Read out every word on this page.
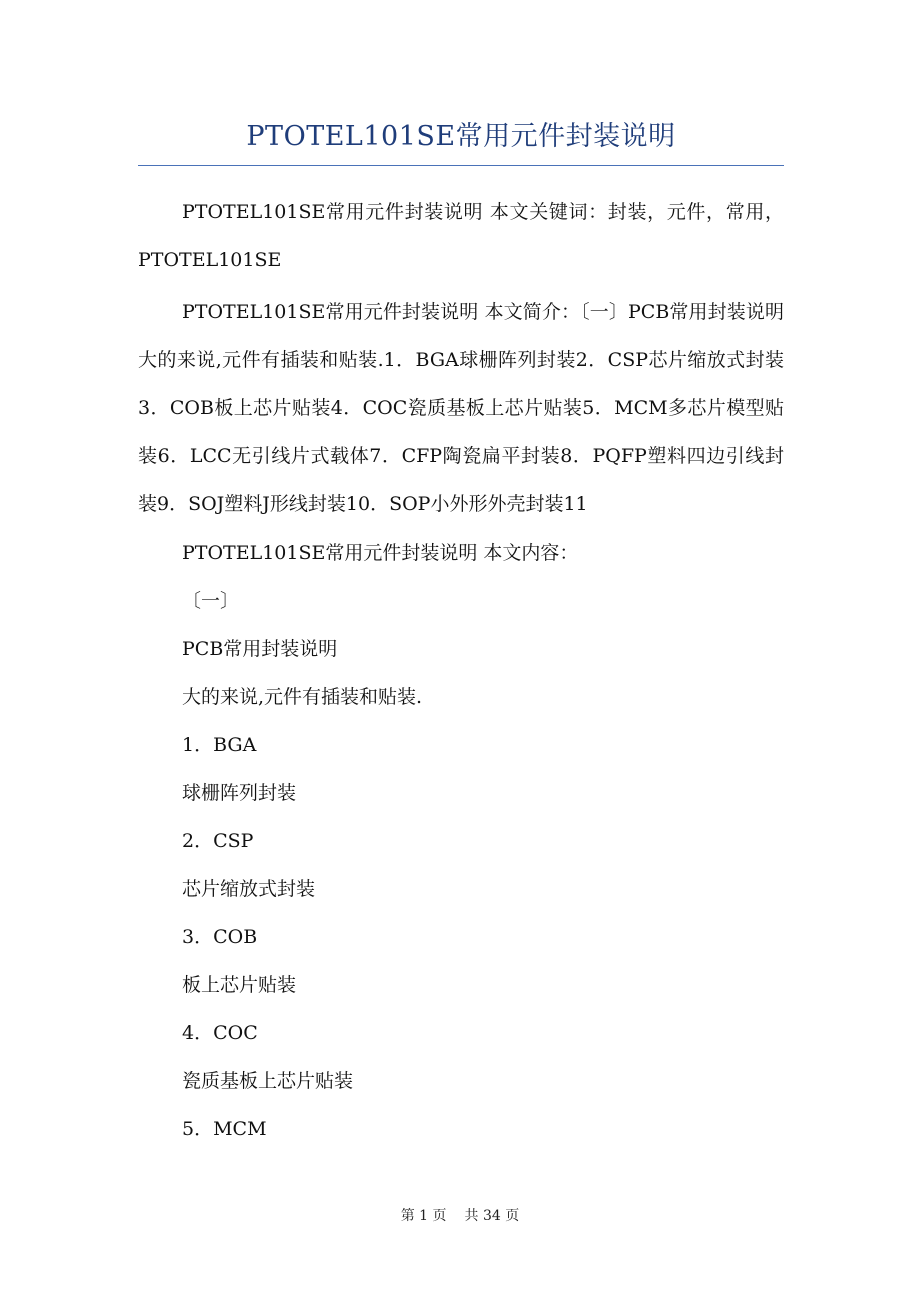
PTOTEL101SE常用元件封装说明

PTOTEL101SE常用元件封装说明 本文关键词：封装，元件，常用，PTOTEL101SE

PTOTEL101SE常用元件封装说明 本文简介：〔一〕PCB常用封装说明大的来说,元件有插装和贴装.1．BGA球栅阵列封装2．CSP芯片缩放式封装3．COB板上芯片贴装4．COC瓷质基板上芯片贴装5．MCM多芯片模型贴装6．LCC无引线片式载体7．CFP陶瓷扁平封装8．PQFP塑料四边引线封装9．SOJ塑料J形线封装10．SOP小外形外壳封装11

PTOTEL101SE常用元件封装说明 本文内容：

〔一〕

PCB常用封装说明

大的来说,元件有插装和贴装.

1．BGA

球栅阵列封装

2．CSP

芯片缩放式封装

3．COB

板上芯片贴装

4．COC

瓷质基板上芯片贴装

5．MCM

第 1 页 共 34 页
